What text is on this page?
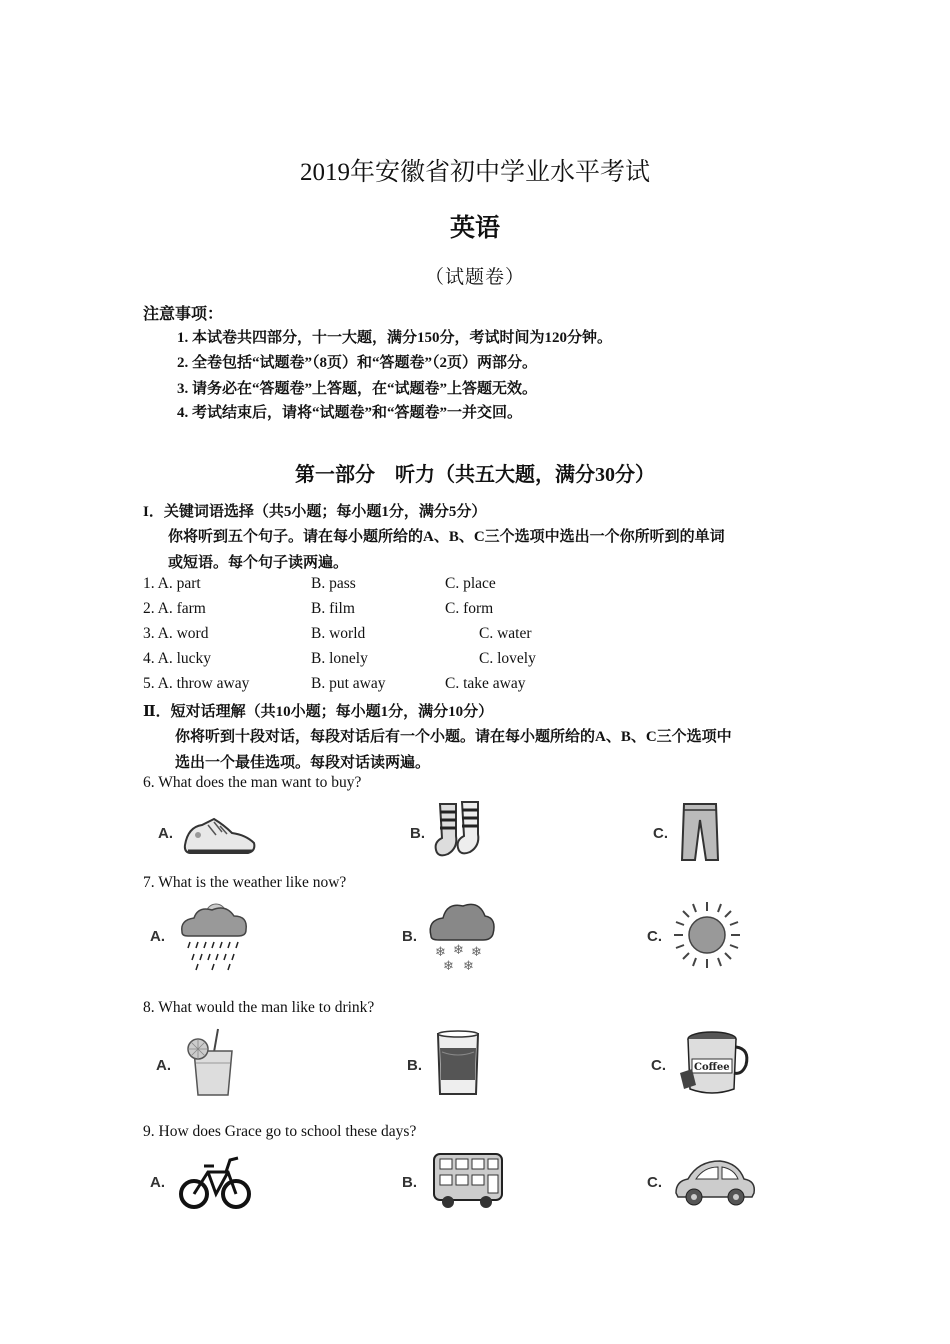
2019年安徽省初中学业水平考试
英语
（试题卷）
注意事项：
1. 本试卷共四部分，十一大题，满分150分，考试时间为120分钟。
2. 全卷包括“试题卷”（8页）和“答题卷”（2页）两部分。
3. 请务必在“答题卷”上答题，在“试题卷”上答题无效。
4. 考试结束后，请将“试题卷”和“答题卷”一并交回。
第一部分　听力（共五大题，满分30分）
I．关键词语选择（共5小题；每小题1分，满分5分）
你将听到五个句子。请在每小题所给的A、B、C三个选项中选出一个你所听到的单词
或短语。每个句子读两遍。
1. A. part	B. pass	C. place
2. A. farm	B. film	C. form
3. A. word	B. world	C. water
4. A. lucky	B. lonely	C. lovely
5. A. throw away	B. put away	C. take away
Ⅱ．短对话理解（共10小题；每小题1分，满分10分）
你将听到十段对话，每段对话后有一个小题。请在每小题所给的A、B、C三个选项中
选出一个最佳选项。每段对话读两遍。
6. What does the man want to buy?
A.	B.	C.
7. What is the weather like now?
A.	B.
❄ ❄ ❄
❄ ❄
C.
8. What would the man like to drink?
A.	B.	C.	Coffee
9. How does Grace go to school these days?
A.	B.	C.
